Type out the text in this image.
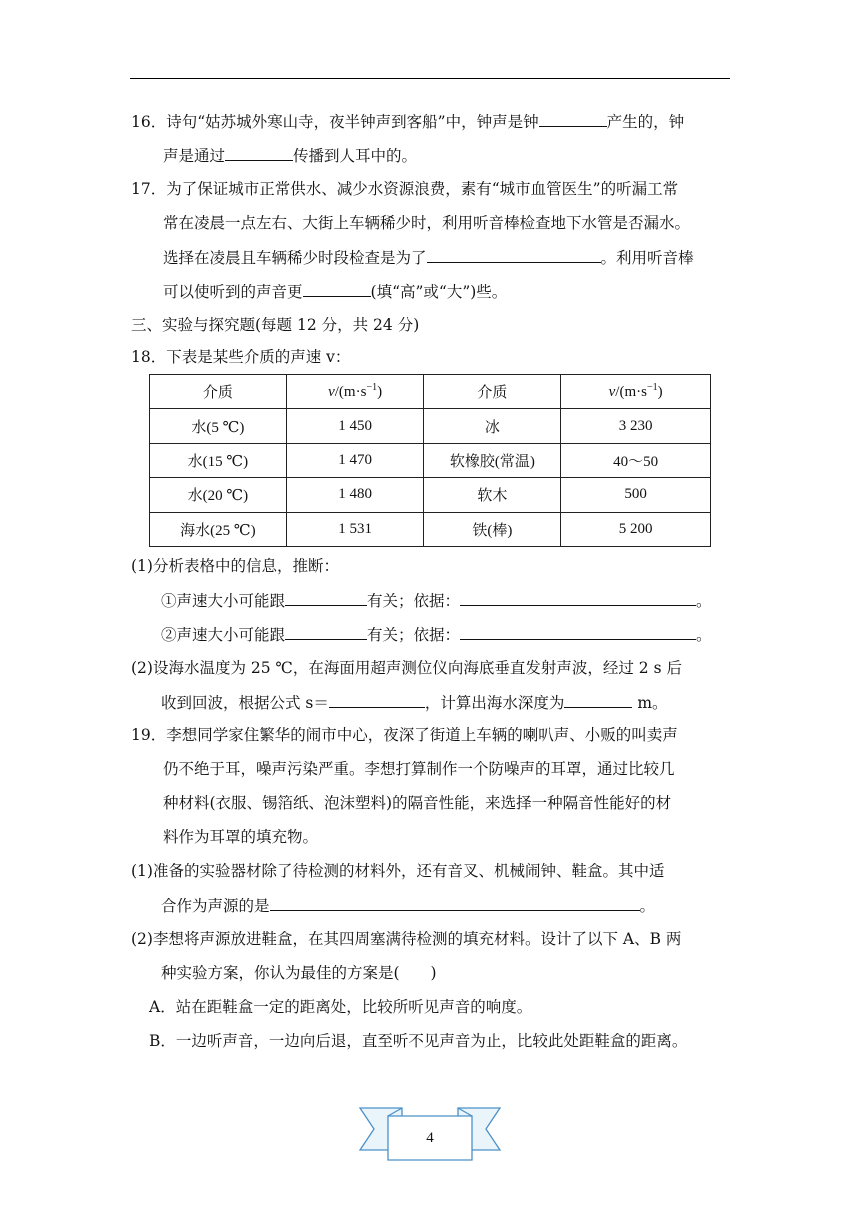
16．诗句“姑苏城外寒山寺，夜半钟声到客船”中，钟声是钟	产生的，钟
声是通过	传播到人耳中的。
17．为了保证城市正常供水、减少水资源浪费，素有“城市血管医生”的听漏工常
常在凌晨一点左右、大街上车辆稀少时，利用听音棒检查地下水管是否漏水。
选择在凌晨且车辆稀少时段检查是为了	。利用听音棒
可以使听到的声音更	(填“高”或“大”)些。
三、实验与探究题(每题 12 分，共 24 分)
18．下表是某些介质的声速 v：
介质	$v/(m\cdot s^{-1})$	介质	$v/(m\cdot s^{-1})$
水(5 ℃)	1 450	冰	3 230
水(15 ℃)	1 470	软橡胶(常温)	40～50
水(20 ℃)	1 480	软木	500
海水(25 ℃)	1 531	铁(棒)	5 200
(1)分析表格中的信息，推断：
①声速大小可能跟	有关；依据：	。
②声速大小可能跟	有关；依据：	。
(2)设海水温度为 25 ℃，在海面用超声测位仪向海底垂直发射声波，经过 2 s 后
收到回波，根据公式 s＝	，计算出海水深度为	m。
19．李想同学家住繁华的闹市中心，夜深了街道上车辆的喇叭声、小贩的叫卖声
仍不绝于耳，噪声污染严重。李想打算制作一个防噪声的耳罩，通过比较几
种材料(衣服、锡箔纸、泡沫塑料)的隔音性能，来选择一种隔音性能好的材
料作为耳罩的填充物。
(1)准备的实验器材除了待检测的材料外，还有音叉、机械闹钟、鞋盒。其中适
合作为声源的是	。
(2)李想将声源放进鞋盒，在其四周塞满待检测的填充材料。设计了以下 A、B 两
种实验方案，你认为最佳的方案是(　　)
A．站在距鞋盒一定的距离处，比较所听见声音的响度。
B．一边听声音，一边向后退，直至听不见声音为止，比较此处距鞋盒的距离。
4
